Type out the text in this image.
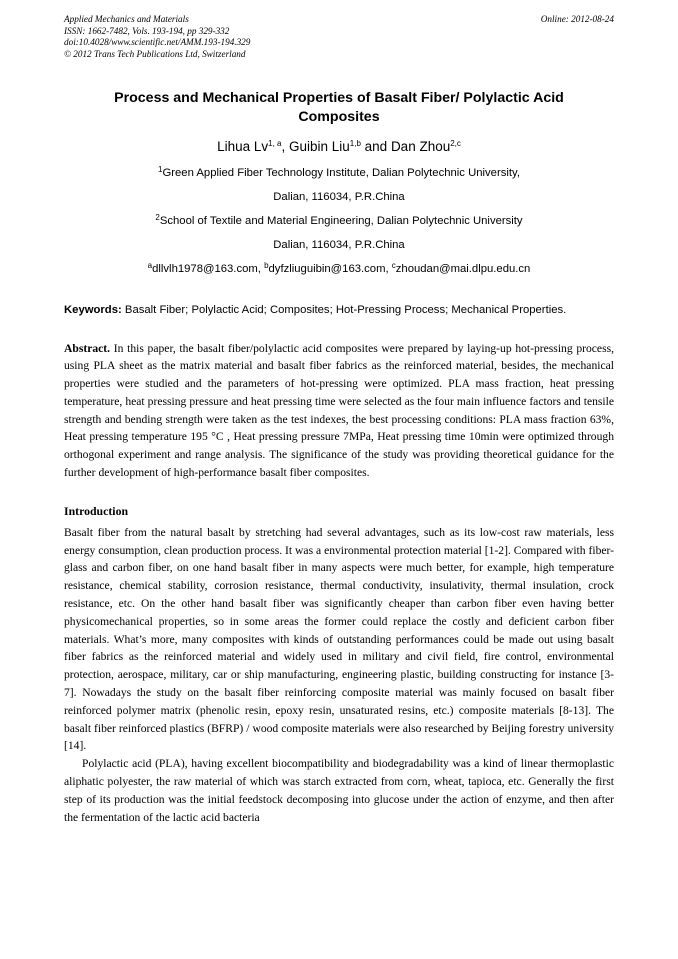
Applied Mechanics and Materials
ISSN: 1662-7482, Vols. 193-194, pp 329-332
doi:10.4028/www.scientific.net/AMM.193-194.329
© 2012 Trans Tech Publications Ltd, Switzerland
Online: 2012-08-24
Process and Mechanical Properties of Basalt Fiber/ Polylactic Acid Composites
Lihua Lv$^{1, a}$, Guibin Liu$^{1,b}$ and Dan Zhou$^{2,c}$

$^1$Green Applied Fiber Technology Institute, Dalian Polytechnic University,

Dalian, 116034, P.R.China

$^2$School of Textile and Material Engineering, Dalian Polytechnic University

Dalian, 116034, P.R.China

$^a$dllvlh1978@163.com, $^b$dyfzliuguibin@163.com, $^c$zhoudan@mai.dlpu.edu.cn

Keywords: Basalt Fiber; Polylactic Acid; Composites; Hot-Pressing Process; Mechanical Properties.
Abstract. In this paper, the basalt fiber/polylactic acid composites were prepared by laying-up hot-pressing process, using PLA sheet as the matrix material and basalt fiber fabrics as the reinforced material, besides, the mechanical properties were studied and the parameters of hot-pressing were optimized. PLA mass fraction, heat pressing temperature, heat pressing pressure and heat pressing time were selected as the four main influence factors and tensile strength and bending strength were taken as the test indexes, the best processing conditions: PLA mass fraction 63%, Heat pressing temperature 195 °C , Heat pressing pressure 7MPa, Heat pressing time 10min were optimized through orthogonal experiment and range analysis. The significance of the study was providing theoretical guidance for the further development of high-performance basalt fiber composites.
Introduction

Basalt fiber from the natural basalt by stretching had several advantages, such as its low-cost raw materials, less energy consumption, clean production process. It was a environmental protection material [1-2]. Compared with fiber-glass and carbon fiber, on one hand basalt fiber in many aspects were much better, for example, high temperature resistance, chemical stability, corrosion resistance, thermal conductivity, insulativity, thermal insulation, crock resistance, etc. On the other hand basalt fiber was significantly cheaper than carbon fiber even having better physicomechanical properties, so in some areas the former could replace the costly and deficient carbon fiber materials. What’s more, many composites with kinds of outstanding performances could be made out using basalt fiber fabrics as the reinforced material and widely used in military and civil field, fire control, environmental protection, aerospace, military, car or ship manufacturing, engineering plastic, building constructing for instance [3-7]. Nowadays the study on the basalt fiber reinforcing composite material was mainly focused on basalt fiber reinforced polymer matrix (phenolic resin, epoxy resin, unsaturated resins, etc.) composite materials [8-13]. The basalt fiber reinforced plastics (BFRP) / wood composite materials were also researched by Beijing forestry university [14].

Polylactic acid (PLA), having excellent biocompatibility and biodegradability was a kind of linear thermoplastic aliphatic polyester, the raw material of which was starch extracted from corn, wheat, tapioca, etc. Generally the first step of its production was the initial feedstock decomposing into glucose under the action of enzyme, and then after the fermentation of the lactic acid bacteria
